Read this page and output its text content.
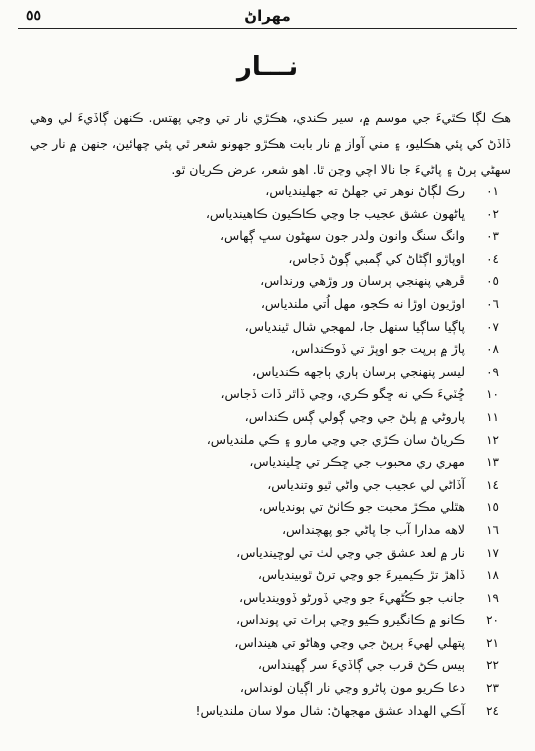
٥٥	مهراڻ
نـــار

هڪ لڳا ڪٿيءَ جي موسم ۾، سير ڪندي، هڪڙي نار تي وڃي پهتس. ڪنهن ڳاڏيءَ لي وهي ڏاڏڻ کي پئي هڪليو، ۽ مني آواز ۾ نار بابت هڪڙو جهونو شعر ٿي پئي چهائين، جنهن ۾ نار جي سهڻي ٻرڻ ۽ پاڻيءَ جا نالا اچي وڃن ٿا. اهو شعر، عرض ڪريان ٿو.

٠١ رڪ لڳاڻ نوهر تي جهلڻ ته جهليندياس،
٠٢ ڀاڻهون عشق عجيب جا وڃي ڪاڪيون ڪاهيندياس،
٠٣ وانگ سنگ وانون ولدر جون سهڻون سڀ ڳهاس،
٠٤ اوپاڙو اڳڻاڻ کي ڳمبي ڳوڻ ڏجاس،
٠٥ ڦرهي پنهنجي ٻرسان ور وڙهي ورنداس،
٠٦ اوڙيون اوڙا نه ڪجو، مهل اُتي ملندياس،
٠٧ پاڳيا ساڳيا سنهل جا، لمهجي شال ٿيندياس،
٠٨ پاڙ ۾ ٻرپت جو اوپڙ تي ڏوڪنداس،
٠٩ ليسر پنهنجي ٻرسان ٻاري ٻاجهه ڪندياس،
١٠ ڇُٽيءَ ڪي نه ڇگو ڪري، وڃي ڏاٿر ڏات ڏجاس،
١١ پاروڻي ۾ پلڻ جي وڃي ڳولي ڳس ڪنداس،
١٢ ڪرياڻ سان ڪڙي جي وڃي مارو ۽ ڪي ملندياس،
١٣ مهري ري محبوب جي ڇڪر تي ڇليندياس،
١٤ آڏاڻي لي عجيب جي واڻي ٿيو وتندياس،
١٥ هٿلي مڪڙ محبت جو ڪاٺڻ تي ٻوندياس،
١٦ لاهه مدارا آب جا پاڻي جو پهچنداس،
١٧ نار ۾ لعد عشق جي وڃي لٺ تي لوڇيندياس،
١٨ ڏاهڙ تڙ ڪيميرءَ جو وڃي ترڻ ٿوبيندياس،
١٩ جانب جو ڪُڻهيءَ جو وڃي ڏورڻو ڏوويندياس،
٢٠ ڪانو ۾ ڪانگيرو ڪيو وڃي ٻراٽ تي پونداس،
٢١ پتهلي لهيءَ ٻرپڻ جي وڃي وهاڻو تي هينداس،
٢٢ ٻيس ڪڻ قرب جي ڳاڏيءَ سر ڳهينداس،
٢٣ دعا ڪريو مون پاڻرو وڃي نار اڳيان لونداس،
٢٤ آڪي الهداد عشق مهجهاڻ: شال مولا سان ملندياس!
